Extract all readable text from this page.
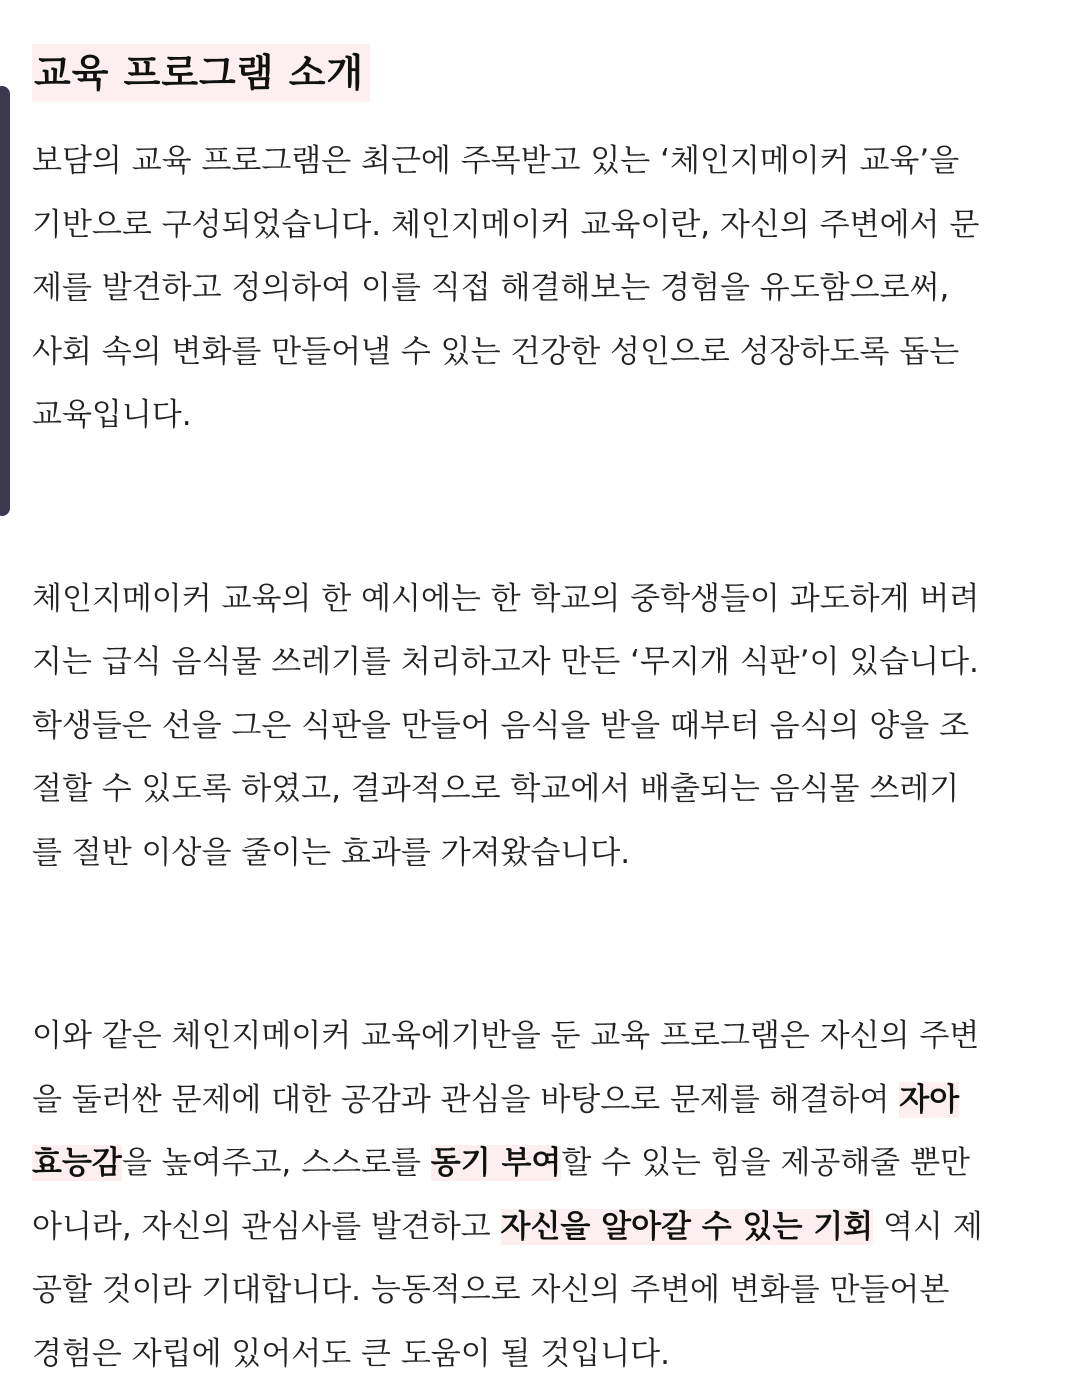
교육 프로그램 소개
보담의 교육 프로그램은 최근에 주목받고 있는 ‘체인지메이커 교육’을
기반으로 구성되었습니다. 체인지메이커 교육이란, 자신의 주변에서 문
제를 발견하고 정의하여 이를 직접 해결해보는 경험을 유도함으로써,
사회 속의 변화를 만들어낼 수 있는 건강한 성인으로 성장하도록 돕는
교육입니다.
체인지메이커 교육의 한 예시에는 한 학교의 중학생들이 과도하게 버려
지는 급식 음식물 쓰레기를 처리하고자 만든 ‘무지개 식판’이 있습니다.
학생들은 선을 그은 식판을 만들어 음식을 받을 때부터 음식의 양을 조
절할 수 있도록 하였고, 결과적으로 학교에서 배출되는 음식물 쓰레기
를 절반 이상을 줄이는 효과를 가져왔습니다.
이와 같은 체인지메이커 교육에기반을 둔 교육 프로그램은 자신의 주변
을 둘러싼 문제에 대한 공감과 관심을 바탕으로 문제를 해결하여 자아
효능감을 높여주고, 스스로를 동기 부여할 수 있는 힘을 제공해줄 뿐만
아니라, 자신의 관심사를 발견하고 자신을 알아갈 수 있는 기회 역시 제
공할 것이라 기대합니다. 능동적으로 자신의 주변에 변화를 만들어본
경험은 자립에 있어서도 큰 도움이 될 것입니다.
